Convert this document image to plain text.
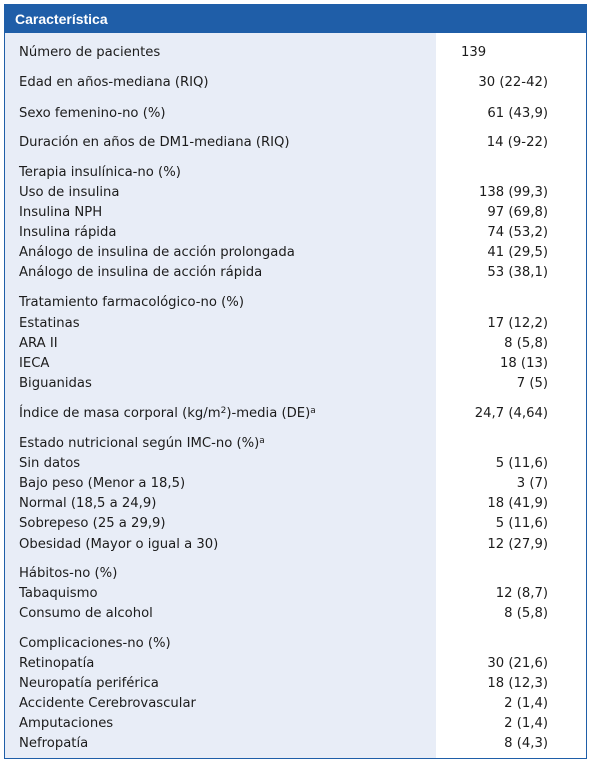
Característica
Número de pacientes	139
Edad en años-mediana (RIQ)	30 (22-42)
Sexo femenino-no (%)	61 (43,9)
Duración en años de DM1-mediana (RIQ)	14 (9-22)
Terapia insulínica-no (%)
Uso de insulina	138 (99,3)
Insulina NPH	97 (69,8)
Insulina rápida	74 (53,2)
Análogo de insulina de acción prolongada	41 (29,5)
Análogo de insulina de acción rápida	53 (38,1)
Tratamiento farmacológico-no (%)
Estatinas	17 (12,2)
ARA II	8 (5,8)
IECA	18 (13)
Biguanidas	7 (5)
Índice de masa corporal $(kg/m^2)$-media (DE)$^a$	24,7 (4,64)
Estado nutricional según IMC-no (%)$^a$
Sin datos	5 (11,6)
Bajo peso (Menor a 18,5)	3 (7)
Normal (18,5 a 24,9)	18 (41,9)
Sobrepeso (25 a 29,9)	5 (11,6)
Obesidad (Mayor o igual a 30)	12 (27,9)
Hábitos-no (%)
Tabaquismo	12 (8,7)
Consumo de alcohol	8 (5,8)
Complicaciones-no (%)
Retinopatía	30 (21,6)
Neuropatía periférica	18 (12,3)
Accidente Cerebrovascular	2 (1,4)
Amputaciones	2 (1,4)
Nefropatía	8 (4,3)
